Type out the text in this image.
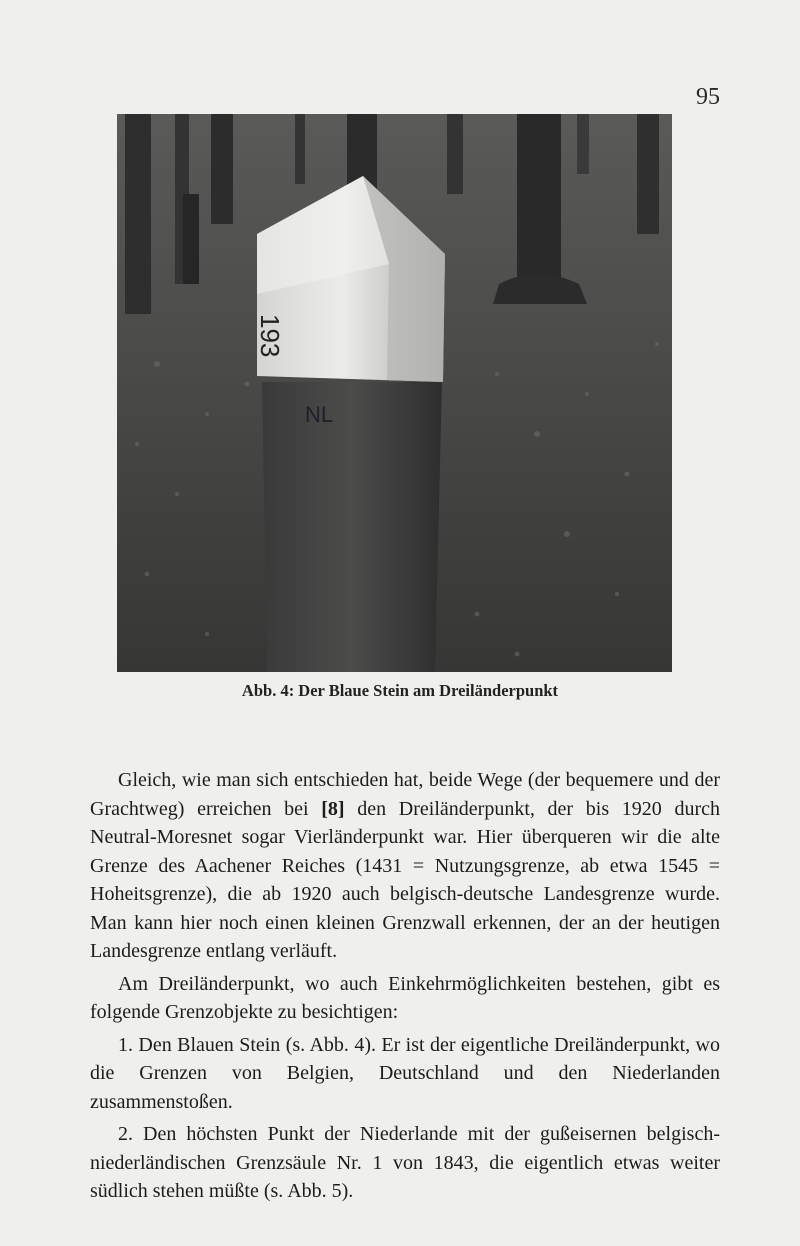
95
193
NL
Abb. 4: Der Blaue Stein am Dreiländerpunkt

Gleich, wie man sich entschieden hat, beide Wege (der bequemere und der Grachtweg) erreichen bei [8] den Dreiländerpunkt, der bis 1920 durch Neutral-Moresnet sogar Vierländerpunkt war. Hier überqueren wir die alte Grenze des Aachener Reiches (1431 = Nutzungsgrenze, ab etwa 1545 = Hoheitsgrenze), die ab 1920 auch belgisch-deutsche Landesgrenze wurde. Man kann hier noch einen kleinen Grenzwall erkennen, der an der heutigen Landesgrenze entlang verläuft.

Am Dreiländerpunkt, wo auch Einkehrmöglichkeiten bestehen, gibt es folgende Grenzobjekte zu besichtigen:

1. Den Blauen Stein (s. Abb. 4). Er ist der eigentliche Dreiländerpunkt, wo die Grenzen von Belgien, Deutschland und den Niederlanden zusammenstoßen.

2. Den höchsten Punkt der Niederlande mit der gußeisernen belgisch-niederländischen Grenzsäule Nr. 1 von 1843, die eigentlich etwas weiter südlich stehen müßte (s. Abb. 5).
